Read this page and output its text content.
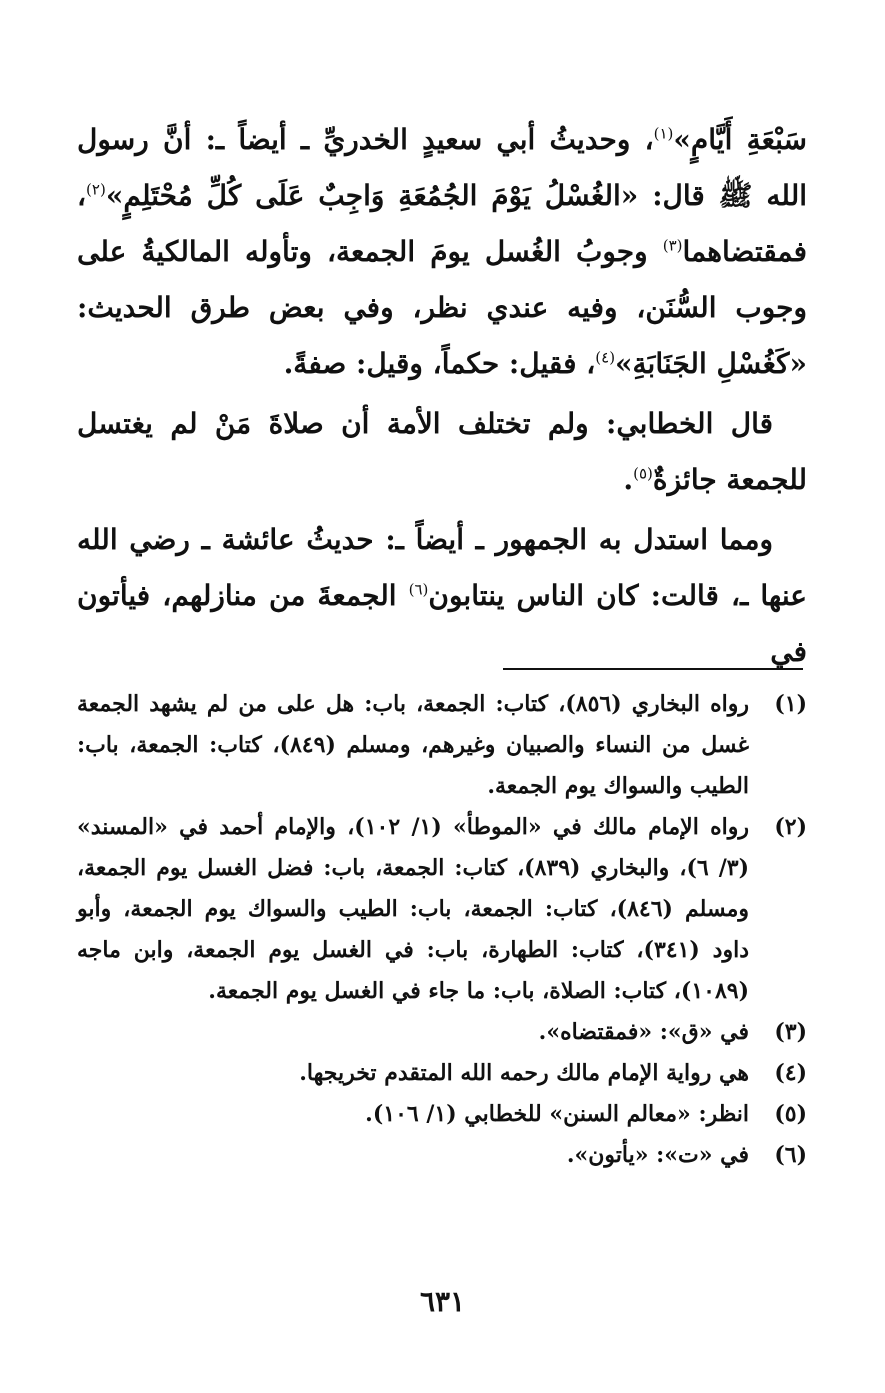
سَبْعَةِ أَيَّامٍ»$^{(١)}$، وحديثُ أبي سعيدٍ الخدريِّ ـ أيضاً ـ: أنَّ رسول الله ﷺ قال: «الغُسْلُ يَوْمَ الجُمُعَةِ وَاجِبٌ عَلَى كُلِّ مُحْتَلِمٍ»$^{(٢)}$، فمقتضاهما$^{(٣)}$ وجوبُ الغُسل يومَ الجمعة، وتأوله المالكيةُ على وجوب السُّنَن، وفيه عندي نظر، وفي بعض طرق الحديث: «كَغُسْلِ الجَنَابَةِ»$^{(٤)}$، فقيل: حكماً، وقيل: صفةً.

قال الخطابي: ولم تختلف الأمة أن صلاةَ مَنْ لم يغتسل للجمعة جائزةٌ$^{(٥)}$.

ومما استدل به الجمهور ـ أيضاً ـ: حديثُ عائشة ـ رضي الله عنها ـ، قالت: كان الناس ينتابون$^{(٦)}$ الجمعةَ من منازلهم، فيأتون في

(١)
رواه البخاري (٨٥٦)، كتاب: الجمعة، باب: هل على من لم يشهد الجمعة غسل من النساء والصبيان وغيرهم، ومسلم (٨٤٩)، كتاب: الجمعة، باب: الطيب والسواك يوم الجمعة.
(٢)
رواه الإمام مالك في «الموطأ» (١/ ١٠٢)، والإمام أحمد في «المسند» (٣/ ٦)، والبخاري (٨٣٩)، كتاب: الجمعة، باب: فضل الغسل يوم الجمعة، ومسلم (٨٤٦)، كتاب: الجمعة، باب: الطيب والسواك يوم الجمعة، وأبو داود (٣٤١)، كتاب: الطهارة، باب: في الغسل يوم الجمعة، وابن ماجه (١٠٨٩)، كتاب: الصلاة، باب: ما جاء في الغسل يوم الجمعة.
(٣)
في «ق»: «فمقتضاه».
(٤)
هي رواية الإمام مالك رحمه الله المتقدم تخريجها.
(٥)
انظر: «معالم السنن» للخطابي (١/ ١٠٦).
(٦)
في «ت»: «يأتون».
٦٣١
